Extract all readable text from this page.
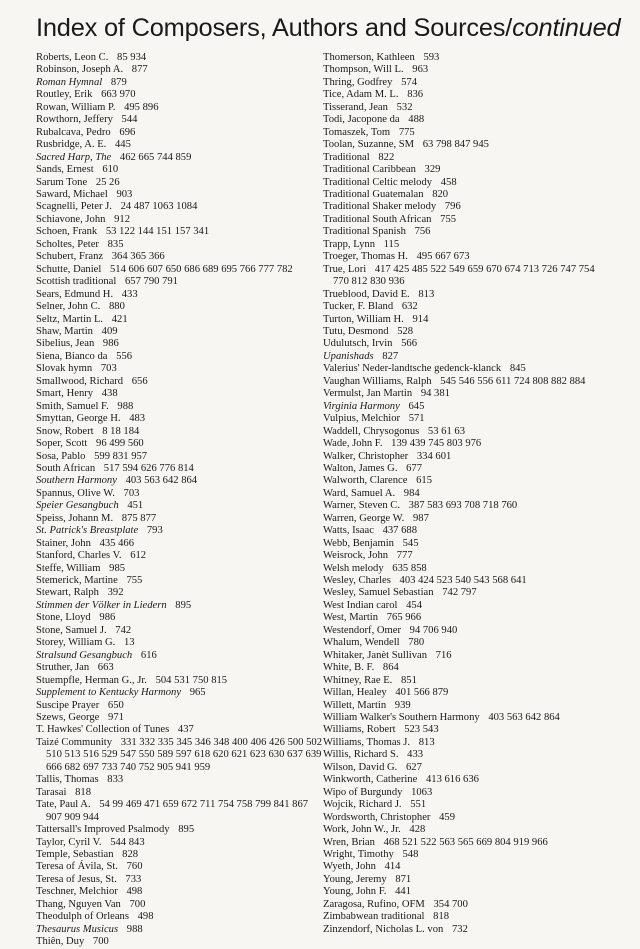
Index of Composers, Authors and Sources/continued
Roberts, Leon C. 85 934
Robinson, Joseph A. 877
Roman Hymnal 879
Routley, Erik 663 970
Rowan, William P. 495 896
Rowthorn, Jeffery 544
Rubalcava, Pedro 696
Rusbridge, A. E. 445
Sacred Harp, The 462 665 744 859
Sands, Ernest 610
Sarum Tone 25 26
Saward, Michael 903
Scagnelli, Peter J. 24 487 1063 1084
Schiavone, John 912
Schoen, Frank 53 122 144 151 157 341
Scholtes, Peter 835
Schubert, Franz 364 365 366
Schutte, Daniel 514 606 607 650 686 689 695 766 777 782
Scottish traditional 657 790 791
Sears, Edmund H. 433
Selner, John C. 880
Seltz, Martin L. 421
Shaw, Martin 409
Sibelius, Jean 986
Siena, Bianco da 556
Slovak hymn 703
Smallwood, Richard 656
Smart, Henry 438
Smith, Samuel F. 988
Smyttan, George H. 483
Snow, Robert 8 18 184
Soper, Scott 96 499 560
Sosa, Pablo 599 831 957
South African 517 594 626 776 814
Southern Harmony 403 563 642 864
Spannus, Olive W. 703
Speier Gesangbuch 451
Speiss, Johann M. 875 877
St. Patrick's Breastplate 793
Stainer, John 435 466
Stanford, Charles V. 612
Steffe, William 985
Stemerick, Martine 755
Stewart, Ralph 392
Stimmen der Völker in Liedern 895
Stone, Lloyd 986
Stone, Samuel J. 742
Storey, William G. 13
Stralsund Gesangbuch 616
Struther, Jan 663
Stuempfle, Herman G., Jr. 504 531 750 815
Supplement to Kentucky Harmony 965
Suscipe Prayer 650
Szews, George 971
T. Hawkes' Collection of Tunes 437
Taizé Community 331 332 335 345 346 348 400 406 426 500 502 510 513 516 529 547 550 589 597 618 620 621 623 630 637 639 666 682 697 733 740 752 905 941 959
Tallis, Thomas 833
Tarasai 818
Tate, Paul A. 54 99 469 471 659 672 711 754 758 799 841 867 907 909 944
Tattersall's Improved Psalmody 895
Taylor, Cyril V. 544 843
Temple, Sebastian 828
Teresa of Ávila, St. 760
Teresa of Jesus, St. 733
Teschner, Melchior 498
Thang, Nguyen Van 700
Theodulph of Orleans 498
Thesaurus Musicus 988
Thiên, Duy 700
Thomerson, Kathleen 593
Thompson, Will L. 963
Thring, Godfrey 574
Tice, Adam M. L. 836
Tisserand, Jean 532
Todi, Jacopone da 488
Tomaszek, Tom 775
Toolan, Suzanne, SM 63 798 847 945
Traditional 822
Traditional Caribbean 329
Traditional Celtic melody 458
Traditional Guatemalan 820
Traditional Shaker melody 796
Traditional South African 755
Traditional Spanish 756
Trapp, Lynn 115
Troeger, Thomas H. 495 667 673
True, Lori 417 425 485 522 549 659 670 674 713 726 747 754 770 812 830 936
Trueblood, David E. 813
Tucker, F. Bland 632
Turton, William H. 914
Tutu, Desmond 528
Udulutsch, Irvin 566
Upanishads 827
Valerius' Neder-landtsche gedenck-klanck 845
Vaughan Williams, Ralph 545 546 556 611 724 808 882 884
Vermulst, Jan Martin 94 381
Virginia Harmony 645
Vulpius, Melchior 571
Waddell, Chrysogonus 53 61 63
Wade, John F. 139 439 745 803 976
Walker, Christopher 334 601
Walton, James G. 677
Walworth, Clarence 615
Ward, Samuel A. 984
Warner, Steven C. 387 583 693 708 718 760
Warren, George W. 987
Watts, Isaac 437 688
Webb, Benjamin 545
Weisrock, John 777
Welsh melody 635 858
Wesley, Charles 403 424 523 540 543 568 641
Wesley, Samuel Sebastian 742 797
West Indian carol 454
West, Martin 765 966
Westendorf, Omer 94 706 940
Whalum, Wendell 780
Whitaker, Janèt Sullivan 716
White, B. F. 864
Whitney, Rae E. 851
Willan, Healey 401 566 879
Willett, Martin 939
William Walker's Southern Harmony 403 563 642 864
Williams, Robert 523 543
Williams, Thomas J. 813
Willis, Richard S. 433
Wilson, David G. 627
Winkworth, Catherine 413 616 636
Wipo of Burgundy 1063
Wojcik, Richard J. 551
Wordsworth, Christopher 459
Work, John W., Jr. 428
Wren, Brian 468 521 522 563 565 669 804 919 966
Wright, Timothy 548
Wyeth, John 414
Young, Jeremy 871
Young, John F. 441
Zaragosa, Rufino, OFM 354 700
Zimbabwean traditional 818
Zinzendorf, Nicholas L. von 732
